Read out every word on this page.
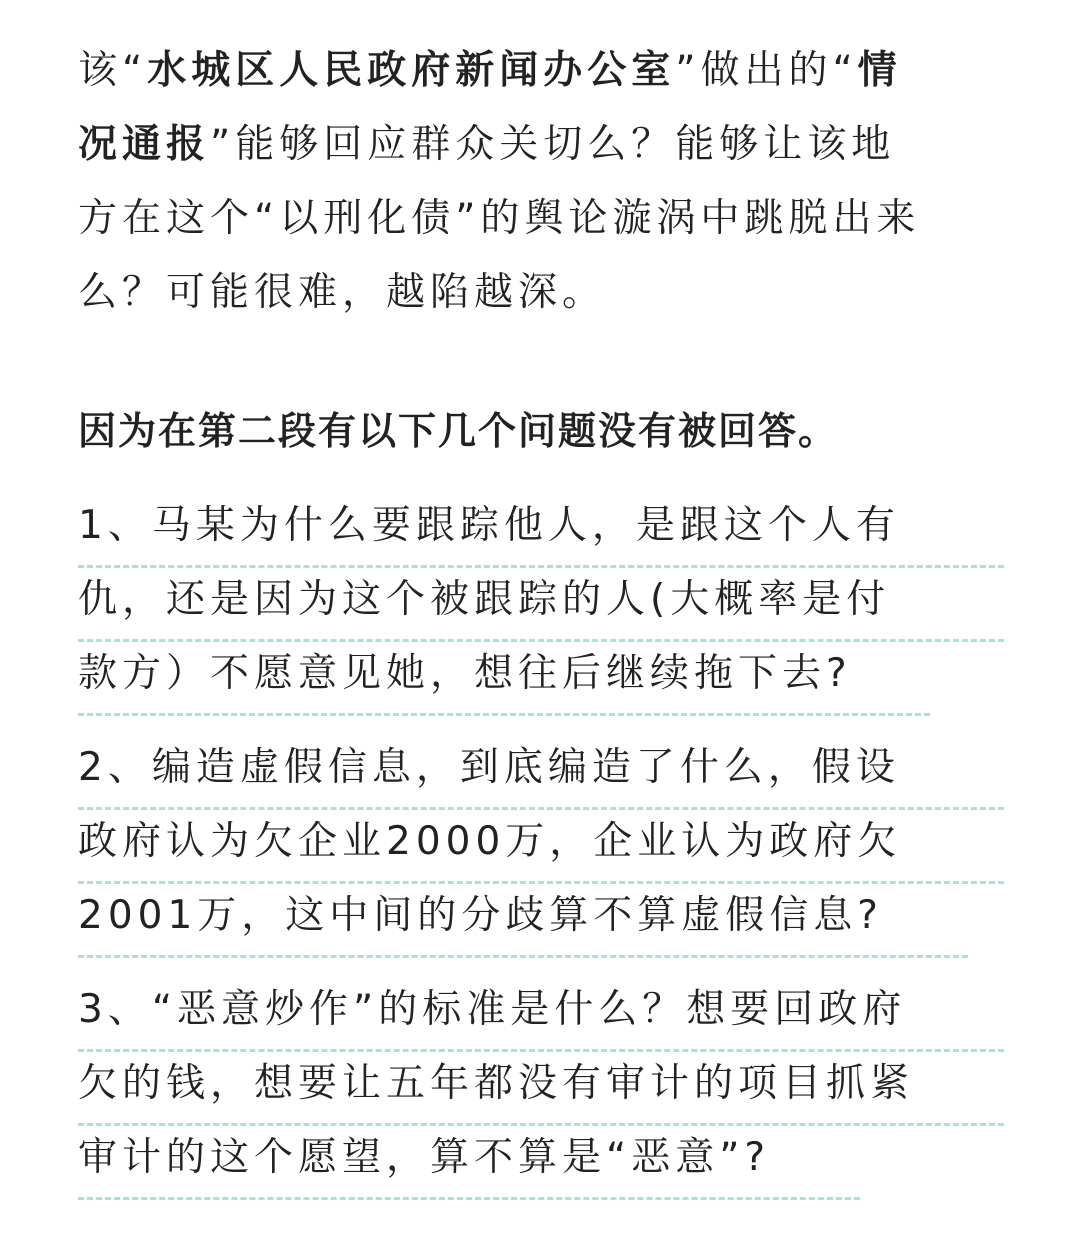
该“水城区人民政府新闻办公室”做出的“情
况通报”能够回应群众关切么？能够让该地
方在这个“以刑化债”的舆论漩涡中跳脱出来
么？可能很难，越陷越深。
因为在第二段有以下几个问题没有被回答。
1、马某为什么要跟踪他人，是跟这个人有
仇，还是因为这个被跟踪的人(大概率是付
款方）不愿意见她，想往后继续拖下去?
2、编造虚假信息，到底编造了什么，假设
政府认为欠企业2000万，企业认为政府欠
2001万，这中间的分歧算不算虚假信息?
3、“恶意炒作”的标准是什么？想要回政府
欠的钱，想要让五年都没有审计的项目抓紧
审计的这个愿望，算不算是“恶意”?
